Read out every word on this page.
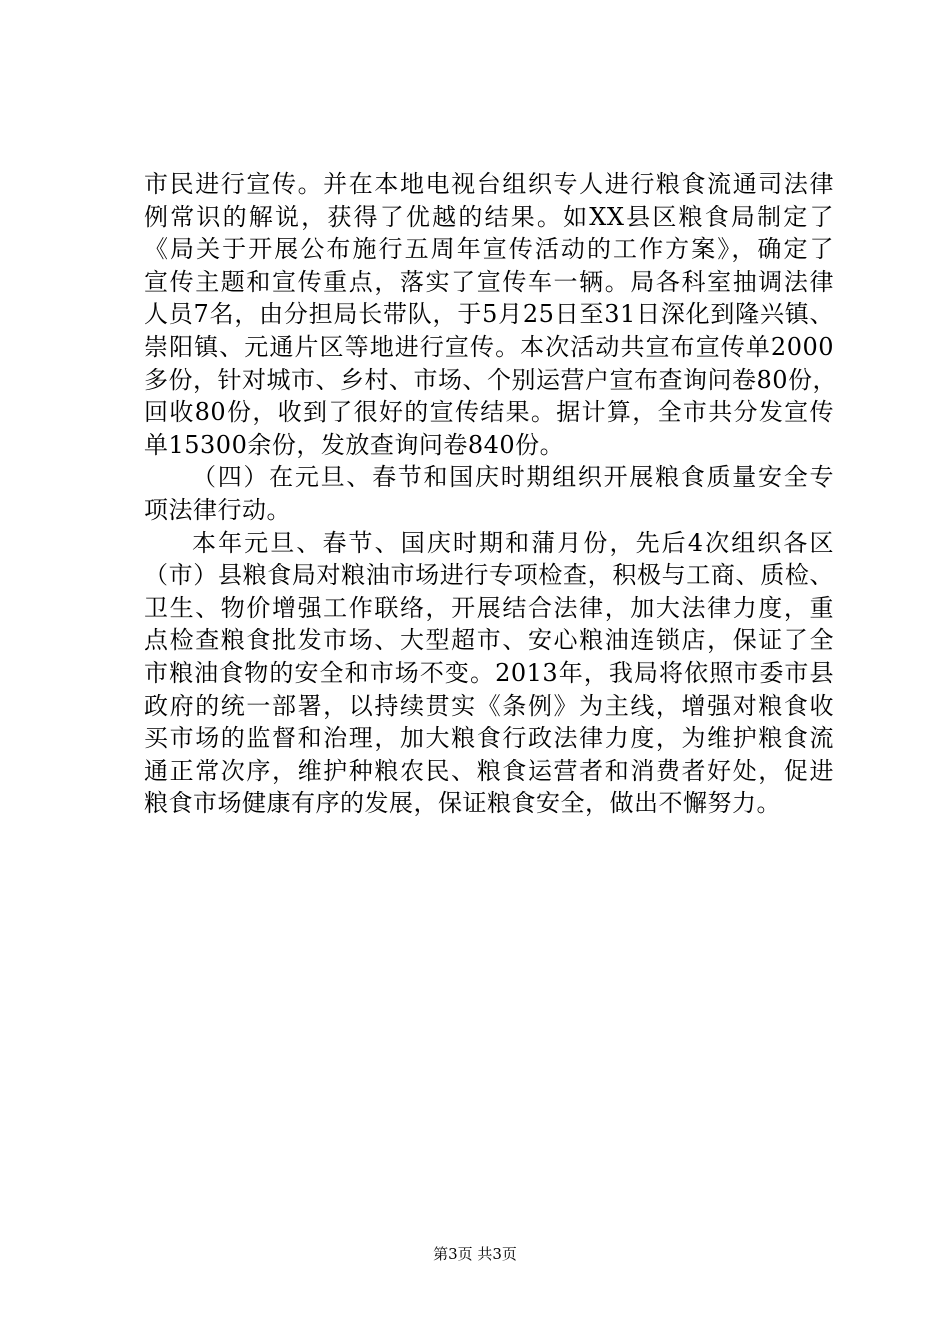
市民进行宣传。并在本地电视台组织专人进行粮食流通司法律
例常识的解说，获得了优越的结果。如XX县区粮食局制定了
《局关于开展公布施行五周年宣传活动的工作方案》，确定了
宣传主题和宣传重点，落实了宣传车一辆。局各科室抽调法律
人员7名，由分担局长带队，于5月25日至31日深化到隆兴镇、
崇阳镇、元通片区等地进行宣传。本次活动共宣布宣传单2000
多份，针对城市、乡村、市场、个别运营户宣布查询问卷80份，
回收80份，收到了很好的宣传结果。据计算，全市共分发宣传
单15300余份，发放查询问卷840份。
（四）在元旦、春节和国庆时期组织开展粮食质量安全专
项法律行动。
本年元旦、春节、国庆时期和蒲月份，先后4次组织各区
（市）县粮食局对粮油市场进行专项检查，积极与工商、质检、
卫生、物价增强工作联络，开展结合法律，加大法律力度，重
点检查粮食批发市场、大型超市、安心粮油连锁店，保证了全
市粮油食物的安全和市场不变。2013年，我局将依照市委市县
政府的统一部署，以持续贯实《条例》为主线，增强对粮食收
买市场的监督和治理，加大粮食行政法律力度，为维护粮食流
通正常次序，维护种粮农民、粮食运营者和消费者好处，促进
粮食市场健康有序的发展，保证粮食安全，做出不懈努力。
第3页 共3页
